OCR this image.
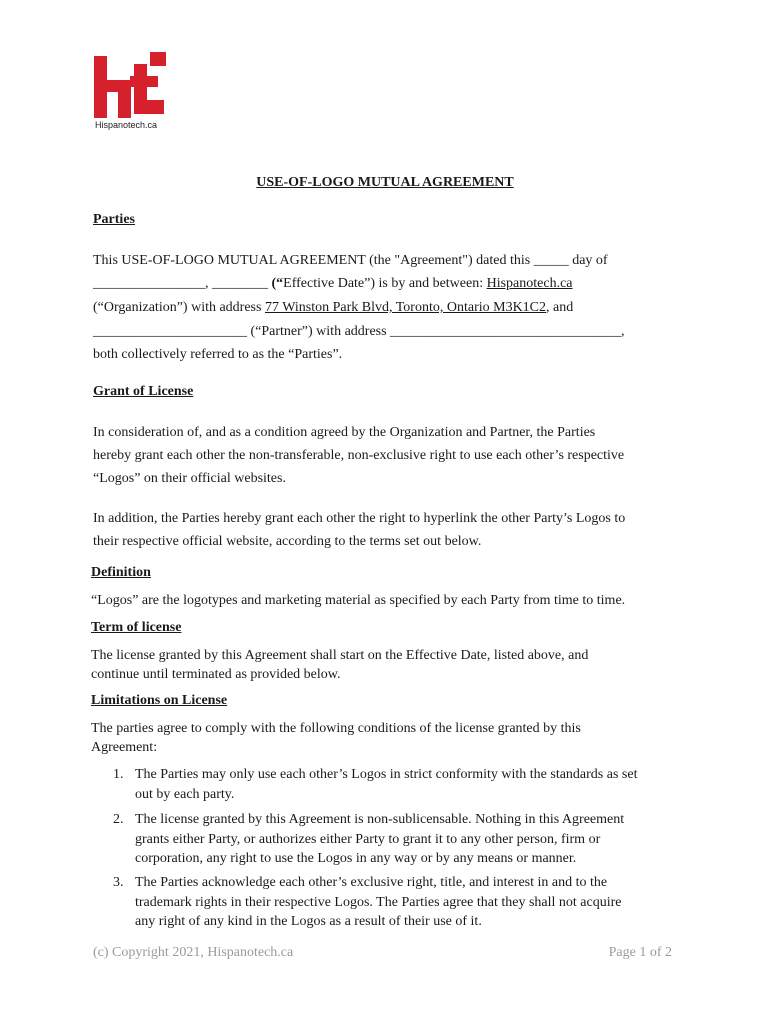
Hispanotech.ca
USE-OF-LOGO MUTUAL AGREEMENT
Parties
This USE-OF-LOGO MUTUAL AGREEMENT (the "Agreement") dated this _____ day of
________________, ________ (“Effective Date”) is by and between: Hispanotech.ca
(“Organization”) with address 77 Winston Park Blvd, Toronto, Ontario M3K1C2, and
______________________ (“Partner”) with address _________________________________,
both collectively referred to as the “Parties”.
Grant of License
In consideration of, and as a condition agreed by the Organization and Partner, the Parties
hereby grant each other the non-transferable, non-exclusive right to use each other’s respective
“Logos” on their official websites.
In addition, the Parties hereby grant each other the right to hyperlink the other Party’s Logos to
their respective official website, according to the terms set out below.
Definition
“Logos” are the logotypes and marketing material as specified by each Party from time to time.
Term of license
The license granted by this Agreement shall start on the Effective Date, listed above, and
continue until terminated as provided below.
Limitations on License
The parties agree to comply with the following conditions of the license granted by this
Agreement:
1. The Parties may only use each other’s Logos in strict conformity with the standards as set
out by each party.
2. The license granted by this Agreement is non-sublicensable. Nothing in this Agreement
grants either Party, or authorizes either Party to grant it to any other person, firm or
corporation, any right to use the Logos in any way or by any means or manner.
3. The Parties acknowledge each other’s exclusive right, title, and interest in and to the
trademark rights in their respective Logos. The Parties agree that they shall not acquire
any right of any kind in the Logos as a result of their use of it.
(c) Copyright 2021, Hispanotech.ca	Page 1 of 2
